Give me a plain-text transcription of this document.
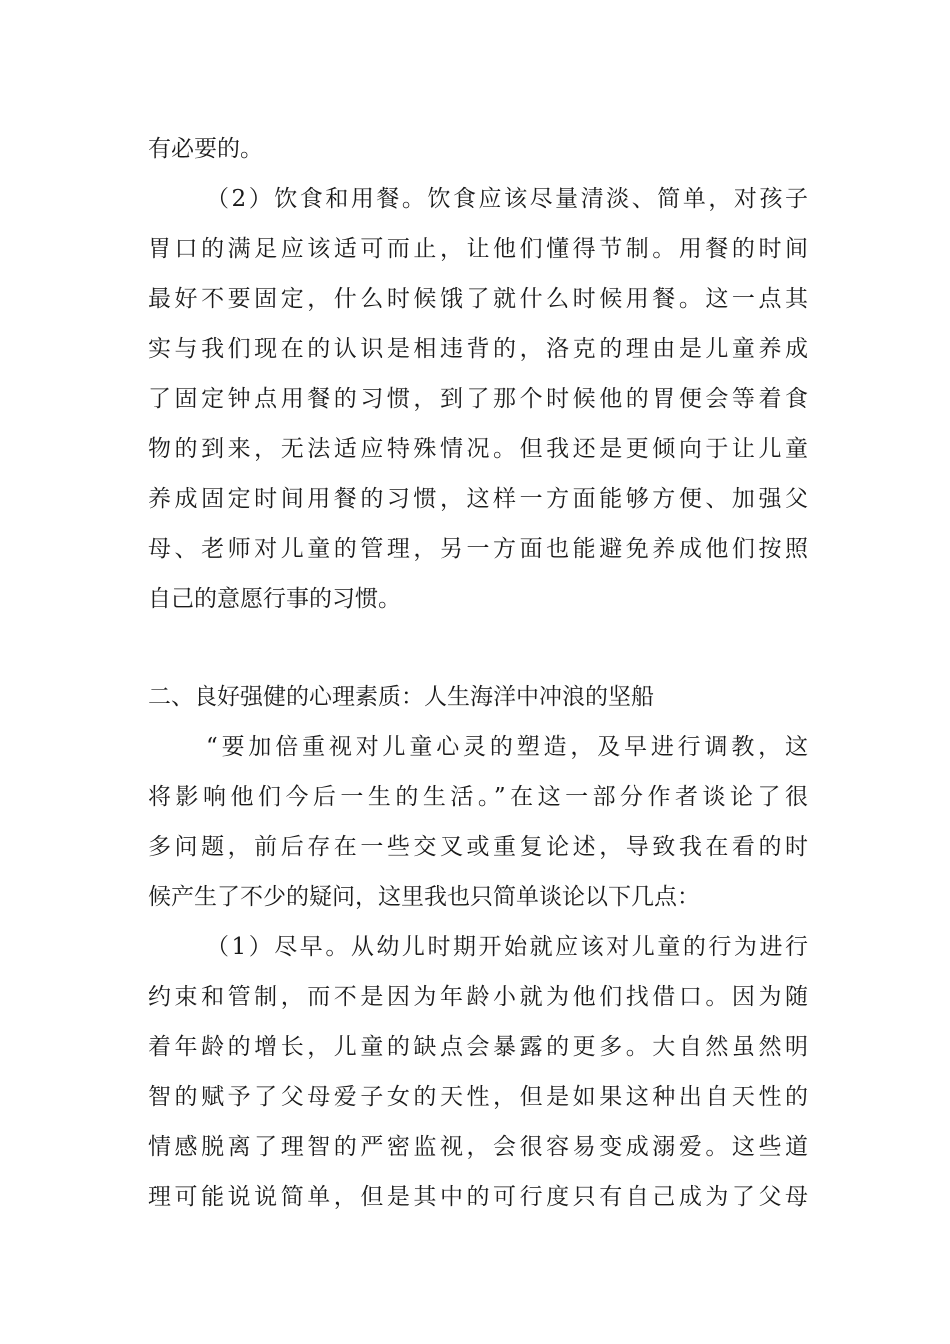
有必要的。
（2）饮食和用餐。饮食应该尽量清淡、简单，对孩子
胃口的满足应该适可而止，让他们懂得节制。用餐的时间
最好不要固定，什么时候饿了就什么时候用餐。这一点其
实与我们现在的认识是相违背的，洛克的理由是儿童养成
了固定钟点用餐的习惯，到了那个时候他的胃便会等着食
物的到来，无法适应特殊情况。但我还是更倾向于让儿童
养成固定时间用餐的习惯，这样一方面能够方便、加强父
母、老师对儿童的管理，另一方面也能避免养成他们按照
自己的意愿行事的习惯。
二、良好强健的心理素质：人生海洋中冲浪的坚船
“要加倍重视对儿童心灵的塑造，及早进行调教，这
将影响他们今后一生的生活。”在这一部分作者谈论了很
多问题，前后存在一些交叉或重复论述，导致我在看的时
候产生了不少的疑问，这里我也只简单谈论以下几点：
（1）尽早。从幼儿时期开始就应该对儿童的行为进行
约束和管制，而不是因为年龄小就为他们找借口。因为随
着年龄的增长，儿童的缺点会暴露的更多。大自然虽然明
智的赋予了父母爱子女的天性，但是如果这种出自天性的
情感脱离了理智的严密监视，会很容易变成溺爱。这些道
理可能说说简单，但是其中的可行度只有自己成为了父母
